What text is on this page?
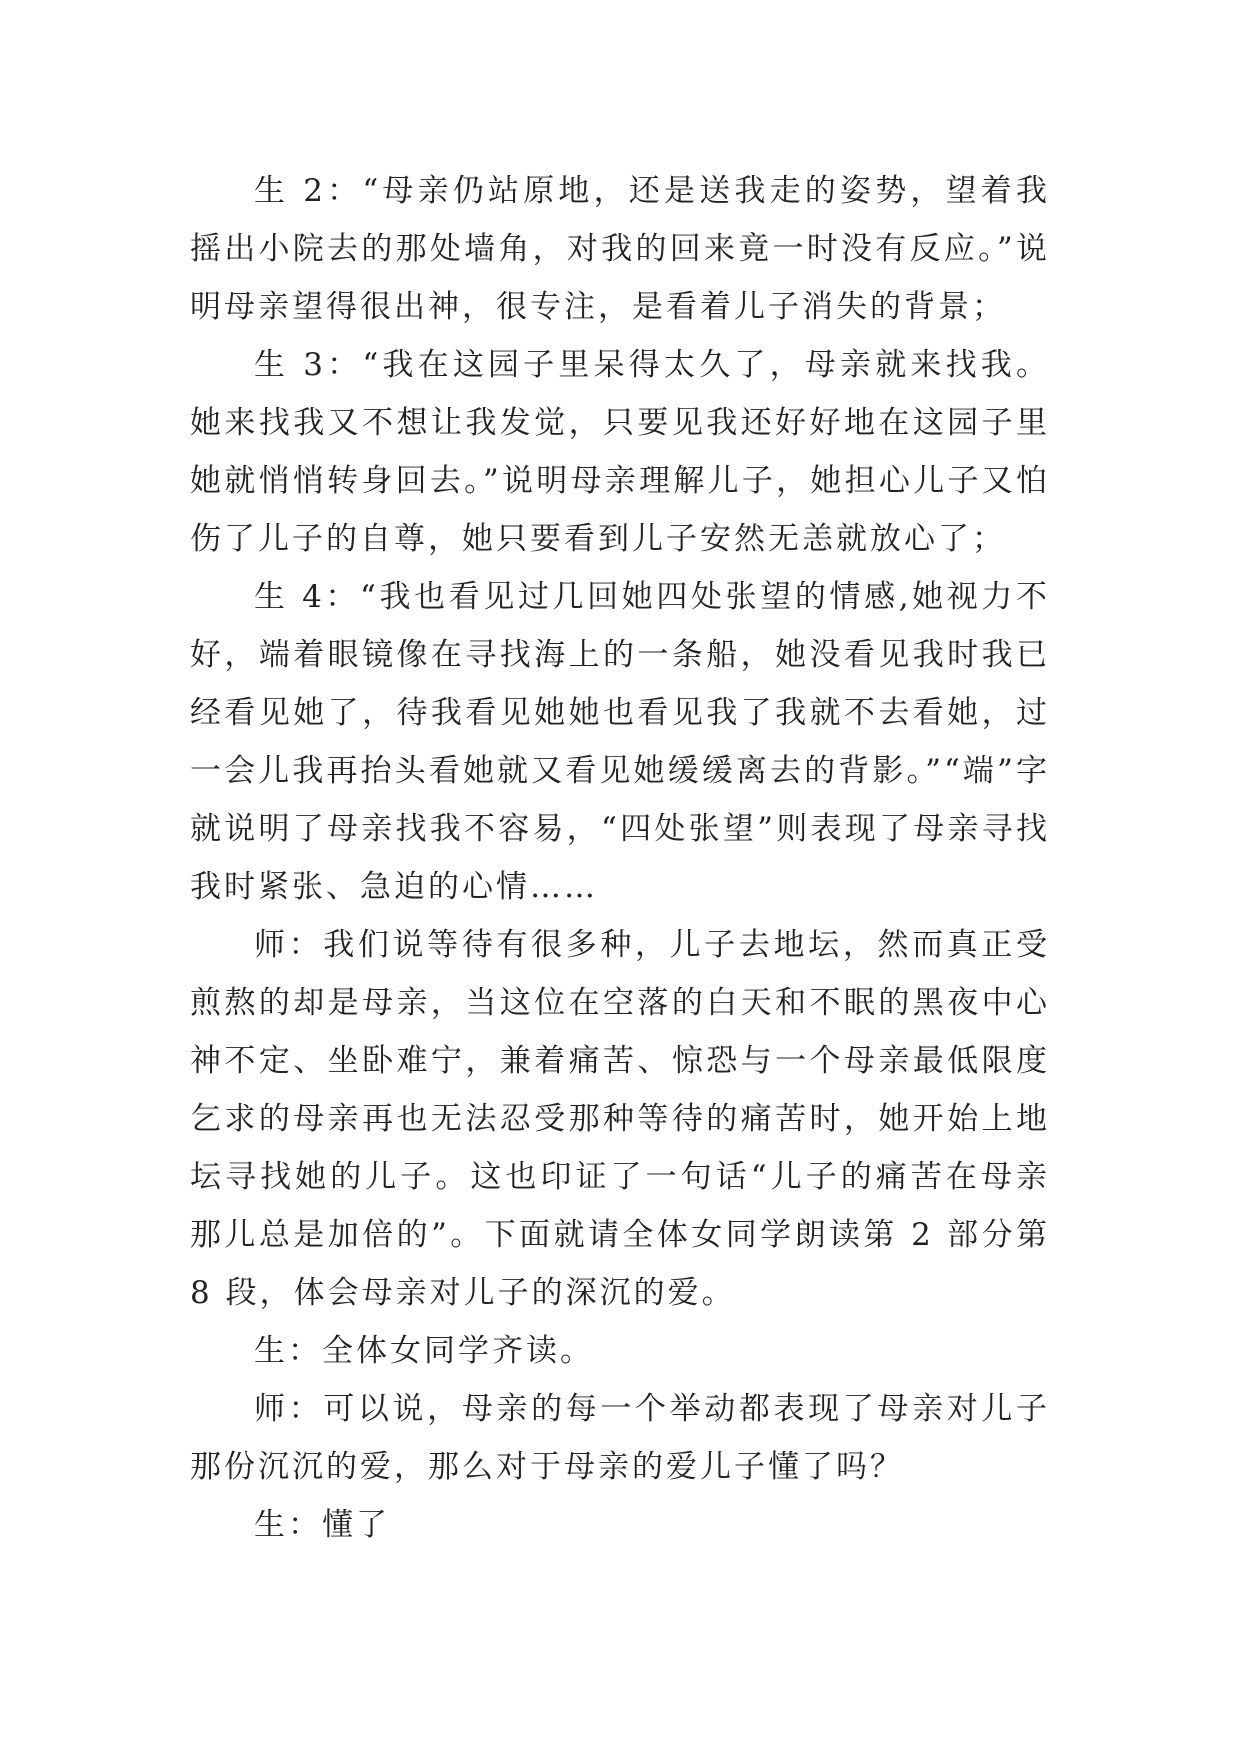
生 2：“母亲仍站原地，还是送我走的姿势，望着我摇出小院去的那处墙角，对我的回来竟一时没有反应。”说明母亲望得很出神，很专注，是看着儿子消失的背景；

生 3：“我在这园子里呆得太久了，母亲就来找我。她来找我又不想让我发觉，只要见我还好好地在这园子里她就悄悄转身回去。”说明母亲理解儿子，她担心儿子又怕伤了儿子的自尊，她只要看到儿子安然无恙就放心了；

生 4：“我也看见过几回她四处张望的情感,她视力不好，端着眼镜像在寻找海上的一条船，她没看见我时我已经看见她了，待我看见她她也看见我了我就不去看她，过一会儿我再抬头看她就又看见她缓缓离去的背影。”“端”字就说明了母亲找我不容易，“四处张望”则表现了母亲寻找我时紧张、急迫的心情……

师：我们说等待有很多种，儿子去地坛，然而真正受煎熬的却是母亲，当这位在空落的白天和不眠的黑夜中心神不定、坐卧难宁，兼着痛苦、惊恐与一个母亲最低限度乞求的母亲再也无法忍受那种等待的痛苦时，她开始上地坛寻找她的儿子。这也印证了一句话“儿子的痛苦在母亲那儿总是加倍的”。下面就请全体女同学朗读第 2 部分第 8 段，体会母亲对儿子的深沉的爱。

生：全体女同学齐读。

师：可以说，母亲的每一个举动都表现了母亲对儿子那份沉沉的爱，那么对于母亲的爱儿子懂了吗？

生：懂了
